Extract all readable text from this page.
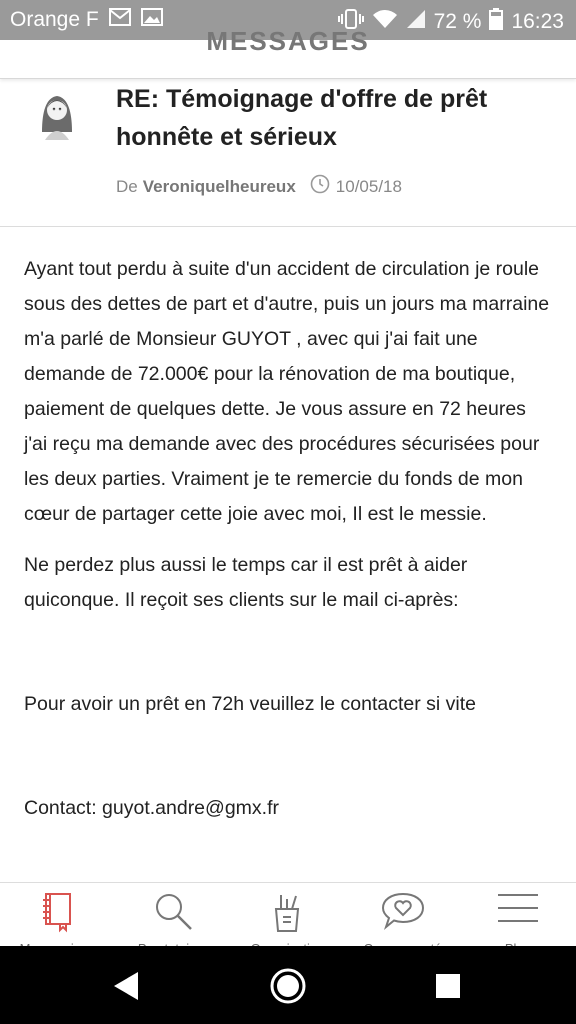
Orange F	72 % 16:23
MESSAGES
RE: Témoignage d'offre de prêt honnête et sérieux
De Veroniquelheureux 10/05/18

Ayant tout perdu à suite d'un accident de circulation je roule sous des dettes de part et d'autre, puis un jours ma marraine m'a parlé de Monsieur GUYOT , avec qui j'ai fait une demande de 72.000€ pour la rénovation de ma boutique, paiement de quelques dette. Je vous assure en 72 heures j'ai reçu ma demande avec des procédures sécurisées pour les deux parties. Vraiment je te remercie du fonds de mon cœur de partager cette joie avec moi, Il est le messie.

Ne perdez plus aussi le temps car il est prêt à aider quiconque. Il reçoit ses clients sur le mail ci-après:

Pour avoir un prêt en 72h veuillez le contacter si vite

Contact: guyot.andre@gmx.fr
